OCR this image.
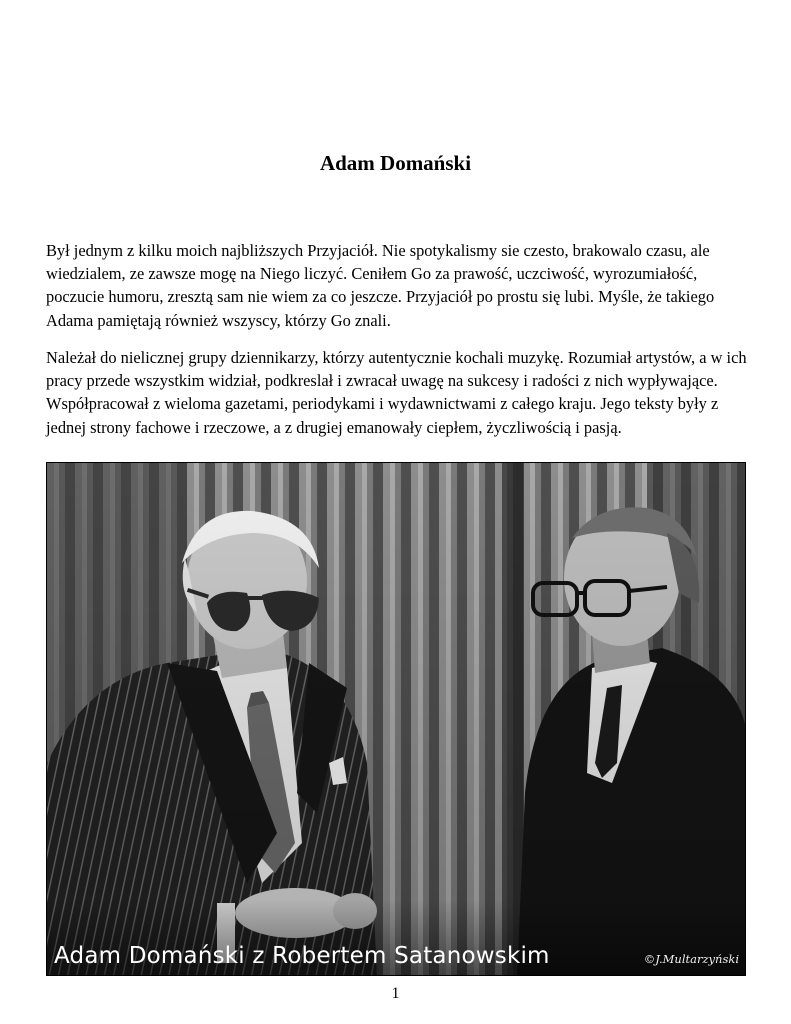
Adam Domański

Był jednym z kilku moich najbliższych Przyjaciół. Nie spotykalismy sie czesto, brakowalo czasu, ale wiedzialem, ze zawsze mogę na Niego liczyć. Ceniłem Go za prawość, uczciwość, wyrozumiałość, poczucie humoru, zresztą sam nie wiem za co jeszcze. Przyjaciół po prostu się lubi. Myśle, że takiego Adama pamiętają również wszyscy, którzy Go znali.

Należał do nielicznej grupy dziennikarzy, którzy autentycznie kochali muzykę. Rozumiał artystów, a w ich pracy przede wszystkim widział, podkreslał i zwracał uwagę na sukcesy i radości z nich wypływające. Współpracował z wieloma gazetami, periodykami i wydawnictwami z całego kraju. Jego teksty były z jednej strony fachowe i rzeczowe, a z drugiej emanowały ciepłem, życzliwością i pasją.

Adam Domański z Robertem Satanowskim	©J.Multarzyński

1
